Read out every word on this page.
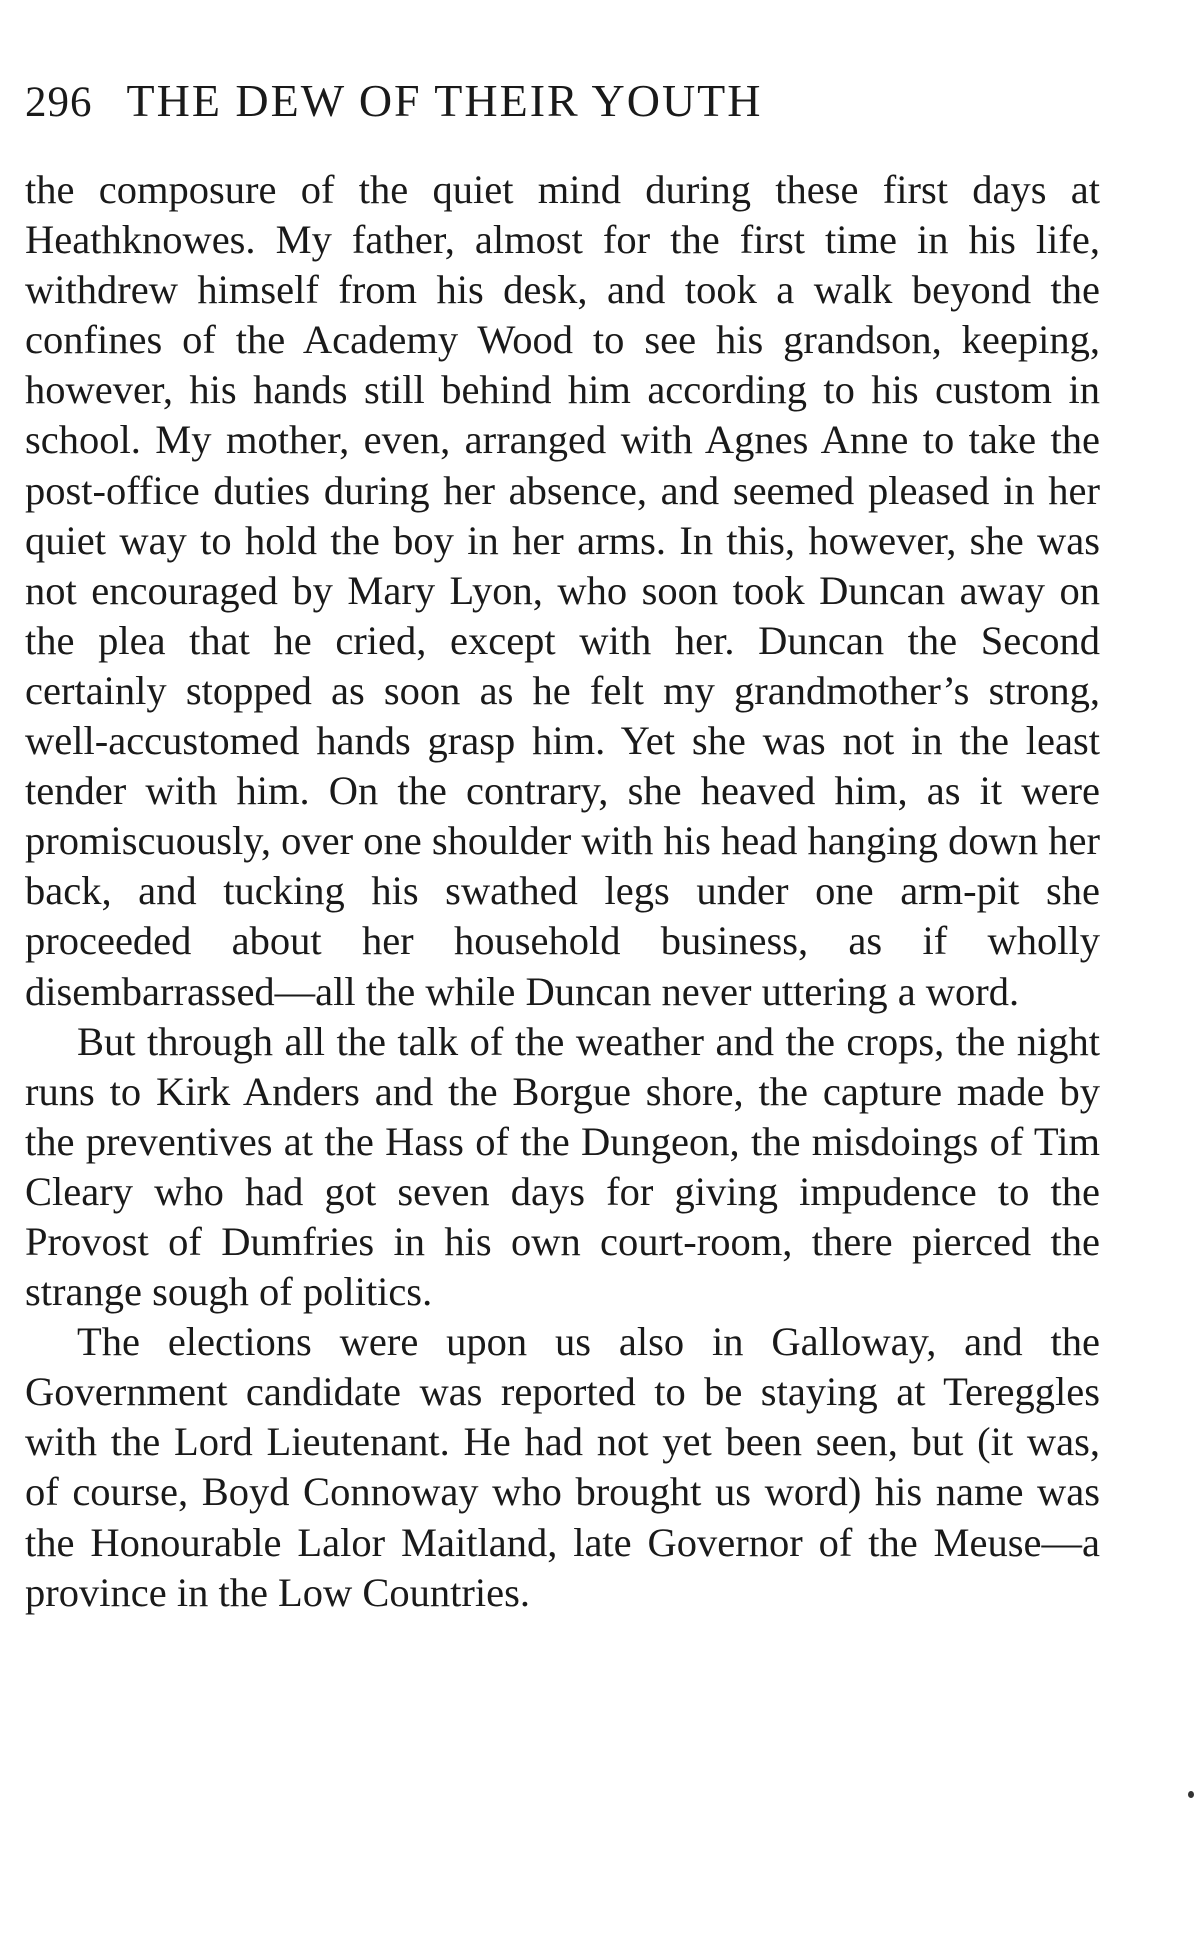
296 THE DEW OF THEIR YOUTH

the composure of the quiet mind during these first days at Heathknowes. My father, almost for the first time in his life, withdrew himself from his desk, and took a walk beyond the confines of the Academy Wood to see his grandson, keeping, however, his hands still behind him according to his custom in school. My mother, even, arranged with Agnes Anne to take the post-office duties during her absence, and seemed pleased in her quiet way to hold the boy in her arms. In this, however, she was not encouraged by Mary Lyon, who soon took Duncan away on the plea that he cried, except with her. Duncan the Second certainly stopped as soon as he felt my grandmother’s strong, well-accustomed hands grasp him. Yet she was not in the least tender with him. On the contrary, she heaved him, as it were promiscuously, over one shoulder with his head hanging down her back, and tucking his swathed legs under one arm-pit she proceeded about her household business, as if wholly disembarrassed—all the while Duncan never uttering a word.

But through all the talk of the weather and the crops, the night runs to Kirk Anders and the Borgue shore, the capture made by the preventives at the Hass of the Dungeon, the misdoings of Tim Cleary who had got seven days for giving impudence to the Provost of Dumfries in his own court-room, there pierced the strange sough of politics.

The elections were upon us also in Galloway, and the Government candidate was reported to be staying at Tereggles with the Lord Lieutenant. He had not yet been seen, but (it was, of course, Boyd Connoway who brought us word) his name was the Honourable Lalor Maitland, late Governor of the Meuse—a province in the Low Countries.
